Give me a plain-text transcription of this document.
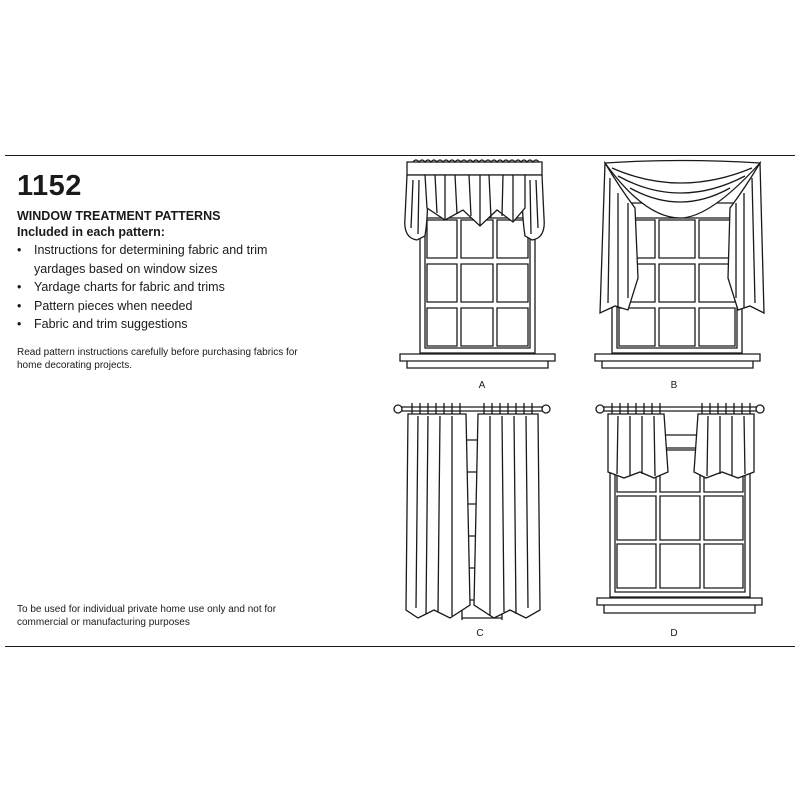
1152
WINDOW TREATMENT PATTERNS
Included in each pattern:
• Instructions for determining fabric and trim yardages based on window sizes
• Yardage charts for fabric and trims
• Pattern pieces when needed
• Fabric and trim suggestions
Read pattern instructions carefully before purchasing fabrics for home decorating projects.
To be used for individual private home use only and not for commercial or manufacturing purposes
A	B
C	D
